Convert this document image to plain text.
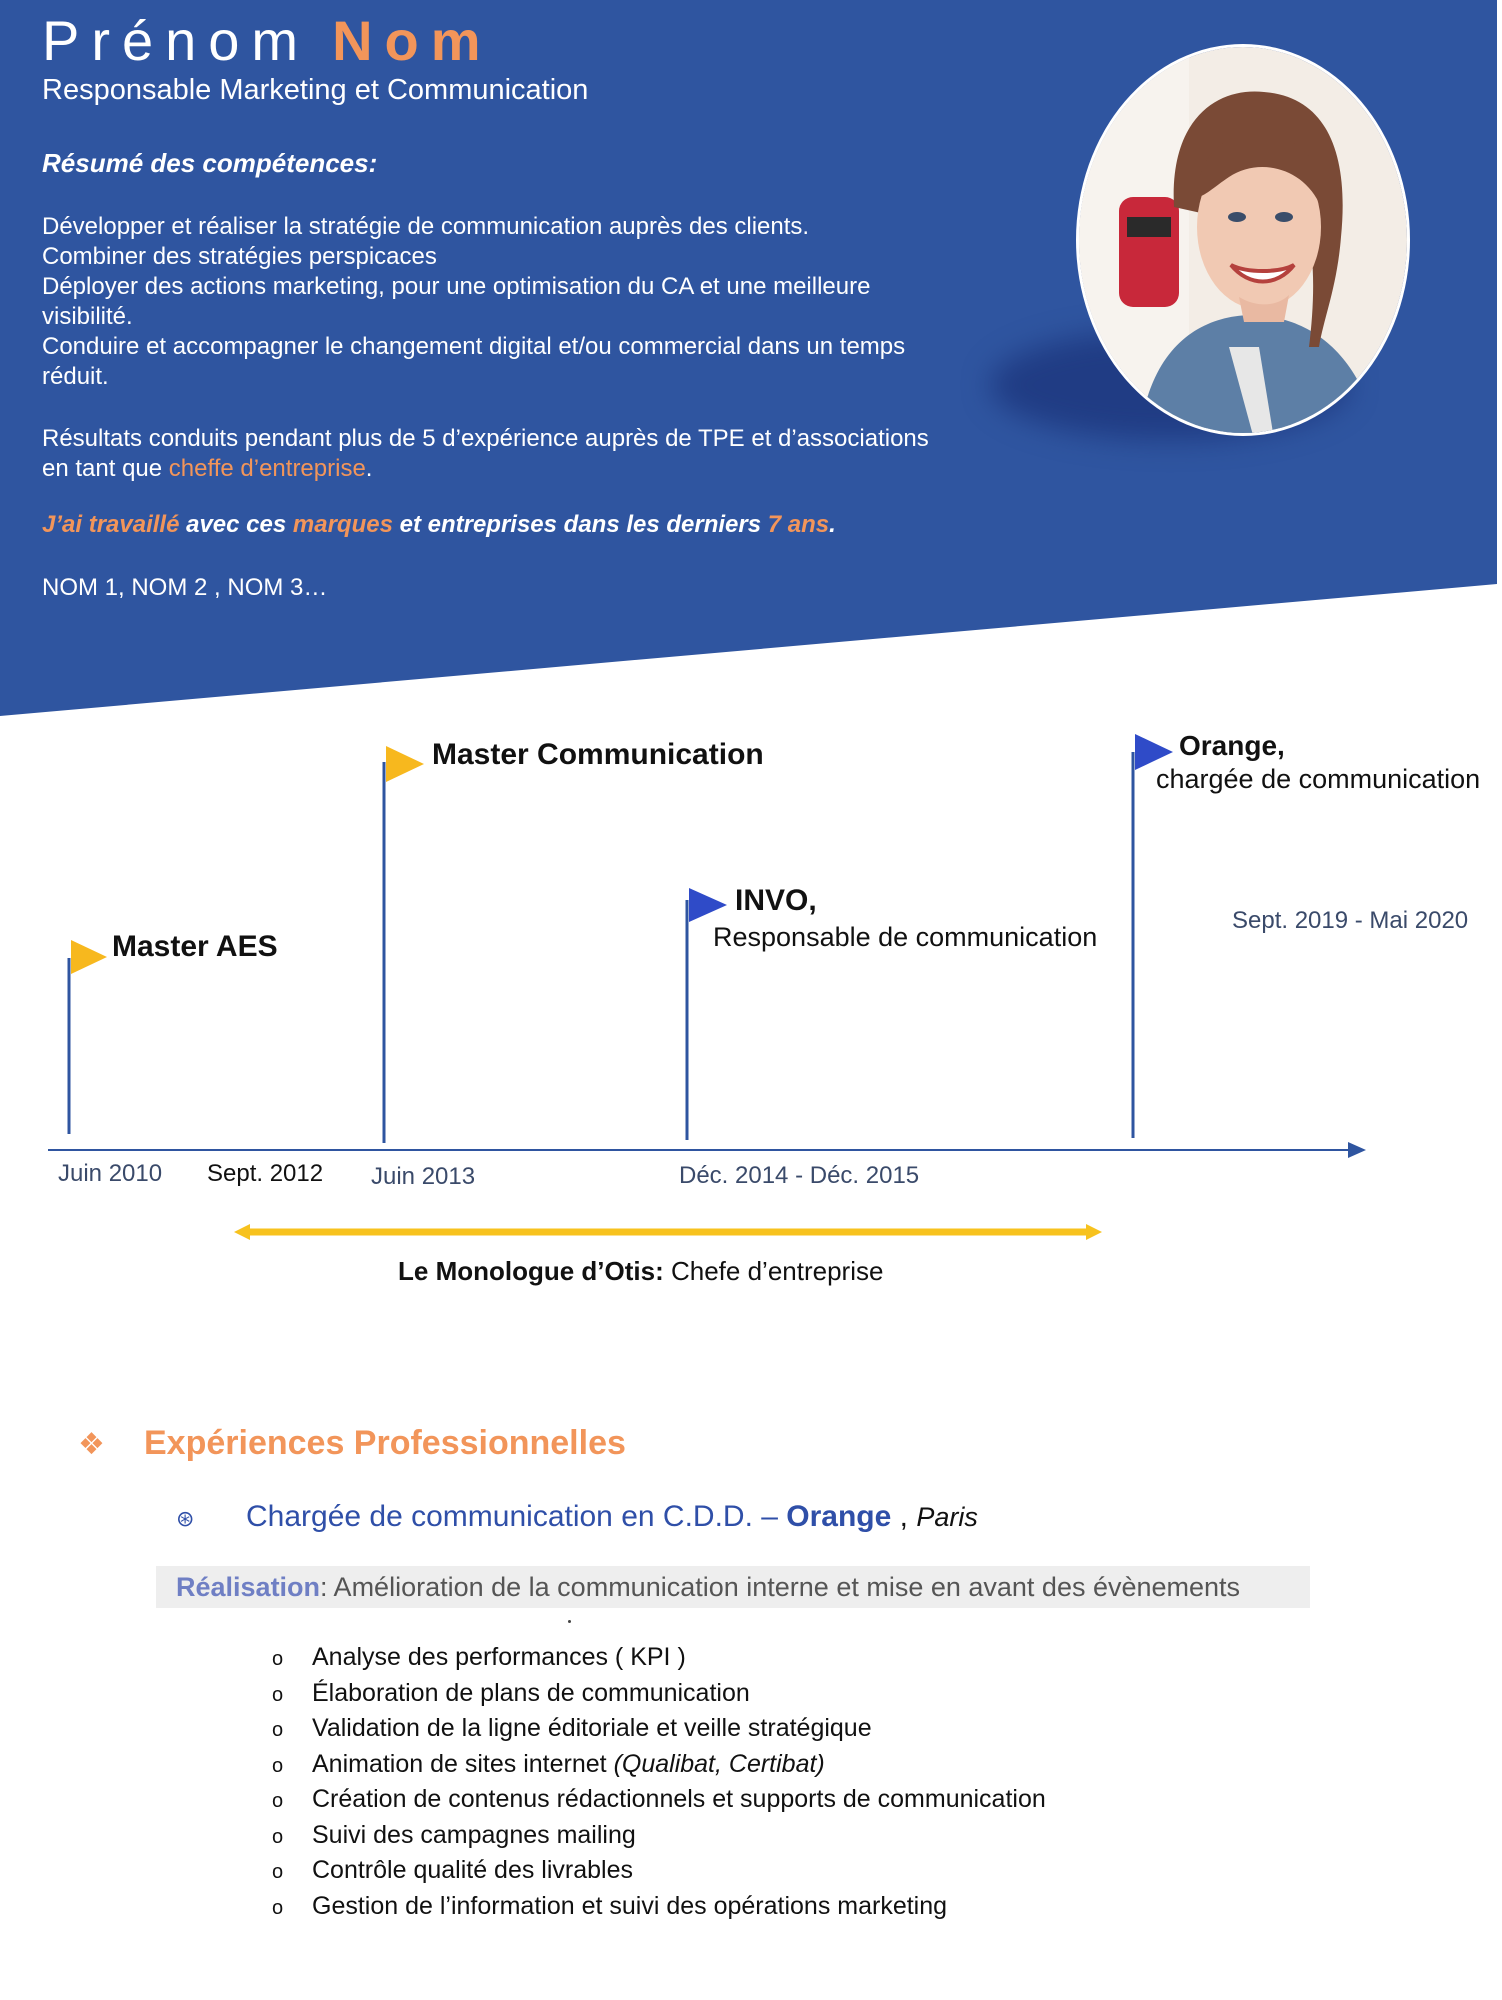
Prénom Nom
Responsable Marketing et Communication
Résumé des compétences:

Développer et réaliser la stratégie de communication auprès des clients.

Combiner des stratégies perspicaces

Déployer des actions marketing, pour une optimisation du CA et une meilleure visibilité.

Conduire et accompagner le changement digital et/ou commercial dans un temps réduit.

Résultats conduits pendant plus de 5 d’expérience auprès de TPE et d’associations en tant que cheffe d’entreprise.

J’ai travaillé avec ces marques et entreprises dans les derniers 7 ans.
NOM 1, NOM 2 , NOM 3…
Master AES
Master Communication
INVO,
Responsable de communication
Orange,
chargée de communication
Juin 2010 Sept. 2012 Juin 2013	Déc. 2014 - Déc. 2015
Sept. 2019 - Mai 2020
Le Monologue d’Otis: Chefe d’entreprise
❖ Expériences Professionnelles
⊛ Chargée de communication en C.D.D. – Orange , Paris
Réalisation: Amélioration de la communication interne et mise en avant des évènements
o Analyse des performances ( KPI )
o Élaboration de plans de communication
o Validation de la ligne éditoriale et veille stratégique
o Animation de sites internet (Qualibat, Certibat)
o Création de contenus rédactionnels et supports de communication
o Suivi des campagnes mailing
o Contrôle qualité des livrables
o Gestion de l’information et suivi des opérations marketing
